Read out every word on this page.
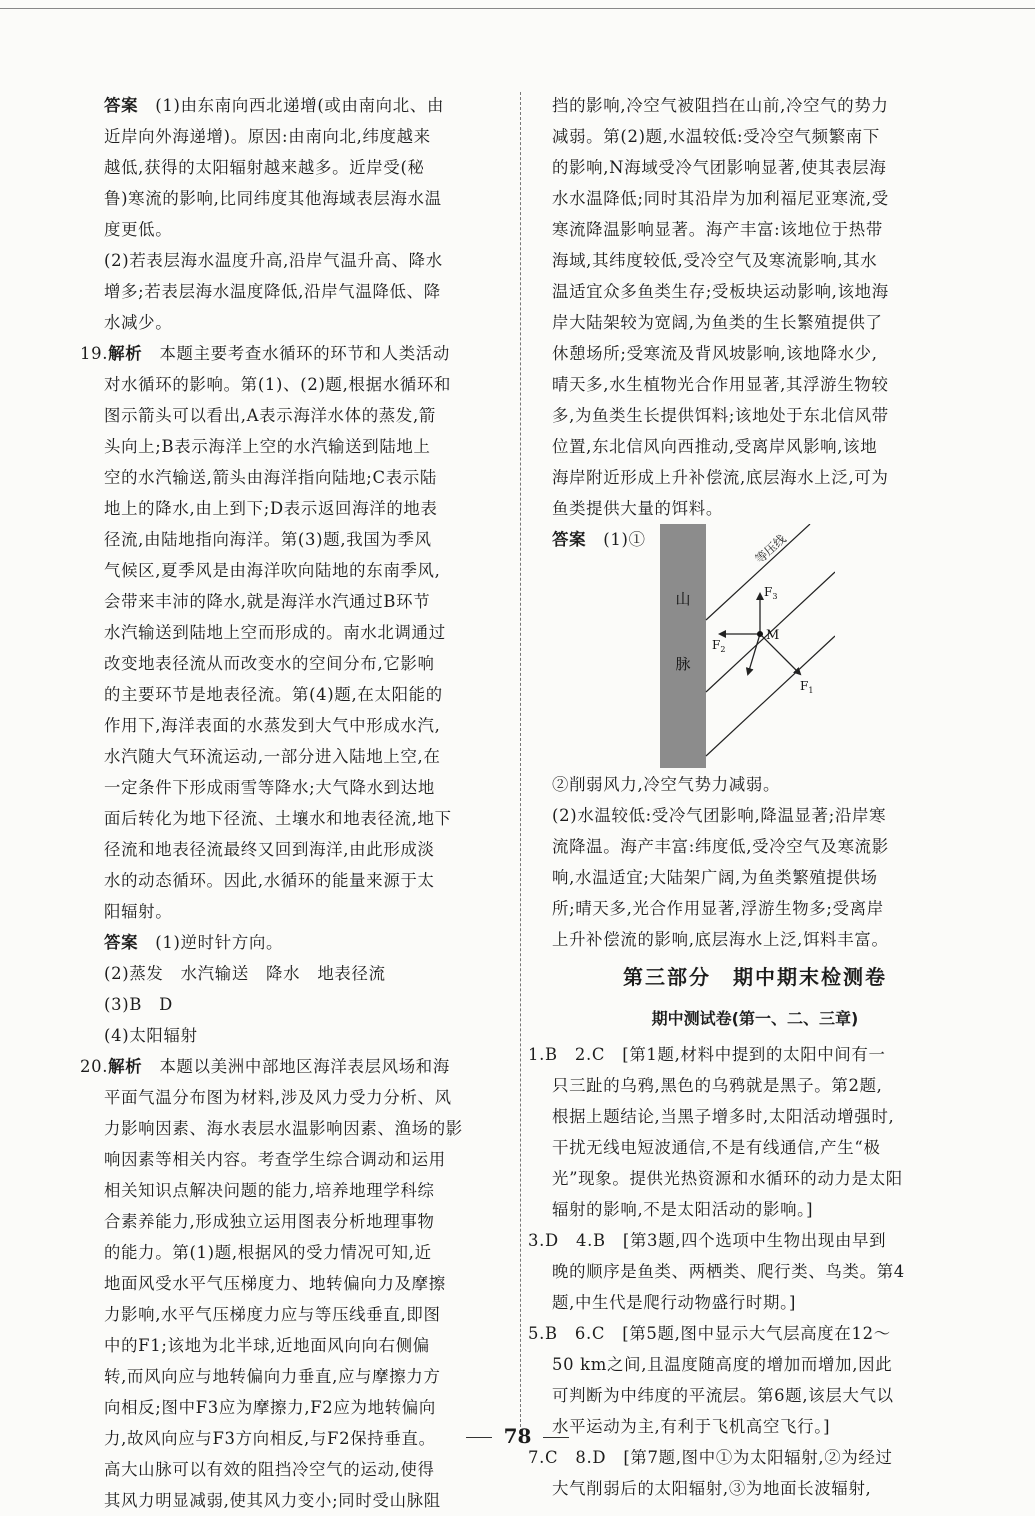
答案　(1)由东南向西北递增(或由南向北、由
近岸向外海递增)。原因:由南向北,纬度越来
越低,获得的太阳辐射越来越多。近岸受(秘
鲁)寒流的影响,比同纬度其他海域表层海水温
度更低。
(2)若表层海水温度升高,沿岸气温升高、降水
增多;若表层海水温度降低,沿岸气温降低、降
水减少。
19.解析　本题主要考查水循环的环节和人类活动
对水循环的影响。第(1)、(2)题,根据水循环和
图示箭头可以看出,A表示海洋水体的蒸发,箭
头向上;B表示海洋上空的水汽输送到陆地上
空的水汽输送,箭头由海洋指向陆地;C表示陆
地上的降水,由上到下;D表示返回海洋的地表
径流,由陆地指向海洋。第(3)题,我国为季风
气候区,夏季风是由海洋吹向陆地的东南季风,
会带来丰沛的降水,就是海洋水汽通过B环节
水汽输送到陆地上空而形成的。南水北调通过
改变地表径流从而改变水的空间分布,它影响
的主要环节是地表径流。第(4)题,在太阳能的
作用下,海洋表面的水蒸发到大气中形成水汽,
水汽随大气环流运动,一部分进入陆地上空,在
一定条件下形成雨雪等降水;大气降水到达地
面后转化为地下径流、土壤水和地表径流,地下
径流和地表径流最终又回到海洋,由此形成淡
水的动态循环。因此,水循环的能量来源于太
阳辐射。
答案　(1)逆时针方向。
(2)蒸发　水汽输送　降水　地表径流
(3)B　D
(4)太阳辐射
20.解析　本题以美洲中部地区海洋表层风场和海
平面气温分布图为材料,涉及风力受力分析、风
力影响因素、海水表层水温影响因素、渔场的影
响因素等相关内容。考查学生综合调动和运用
相关知识点解决问题的能力,培养地理学科综
合素养能力,形成独立运用图表分析地理事物
的能力。第(1)题,根据风的受力情况可知,近
地面风受水平气压梯度力、地转偏向力及摩擦
力影响,水平气压梯度力应与等压线垂直,即图
中的F1;该地为北半球,近地面风向向右侧偏
转,而风向应与地转偏向力垂直,应与摩擦力方
向相反;图中F3应为摩擦力,F2应为地转偏向
力,故风向应与F3方向相反,与F2保持垂直。
高大山脉可以有效的阻挡冷空气的运动,使得
其风力明显减弱,使其风力变小;同时受山脉阻
挡的影响,冷空气被阻挡在山前,冷空气的势力
减弱。第(2)题,水温较低:受冷空气频繁南下
的影响,N海域受冷气团影响显著,使其表层海
水水温降低;同时其沿岸为加利福尼亚寒流,受
寒流降温影响显著。海产丰富:该地位于热带
海域,其纬度较低,受冷空气及寒流影响,其水
温适宜众多鱼类生存;受板块运动影响,该地海
岸大陆架较为宽阔,为鱼类的生长繁殖提供了
休憩场所;受寒流及背风坡影响,该地降水少,
晴天多,水生植物光合作用显著,其浮游生物较
多,为鱼类生长提供饵料;该地处于东北信风带
位置,东北信风向西推动,受离岸风影响,该地
海岸附近形成上升补偿流,底层海水上泛,可为
鱼类提供大量的饵料。
答案　 (1)①
山
脉
等压线
M
$F_3$
$F_2$
$F_1$
②削弱风力,冷空气势力减弱。
(2)水温较低:受冷气团影响,降温显著;沿岸寒
流降温。海产丰富:纬度低,受冷空气及寒流影
响,水温适宜;大陆架广阔,为鱼类繁殖提供场
所;晴天多,光合作用显著,浮游生物多;受离岸
上升补偿流的影响,底层海水上泛,饵料丰富。
第三部分　期中期末检测卷
期中测试卷(第一、二、三章)
1.B　2.C　[第1题,材料中提到的太阳中间有一
只三趾的乌鸦,黑色的乌鸦就是黑子。第2题,
根据上题结论,当黑子增多时,太阳活动增强时,
干扰无线电短波通信,不是有线通信,产生“极
光”现象。提供光热资源和水循环的动力是太阳
辐射的影响,不是太阳活动的影响。]
3.D　4.B　[第3题,四个选项中生物出现由早到
晚的顺序是鱼类、两栖类、爬行类、鸟类。第4
题,中生代是爬行动物盛行时期。]
5.B　6.C　[第5题,图中显示大气层高度在12～
50 km之间,且温度随高度的增加而增加,因此
可判断为中纬度的平流层。第6题,该层大气以
水平运动为主,有利于飞机高空飞行。]
7.C　8.D　[第7题,图中①为太阳辐射,②为经过
大气削弱后的太阳辐射,③为地面长波辐射,
78
